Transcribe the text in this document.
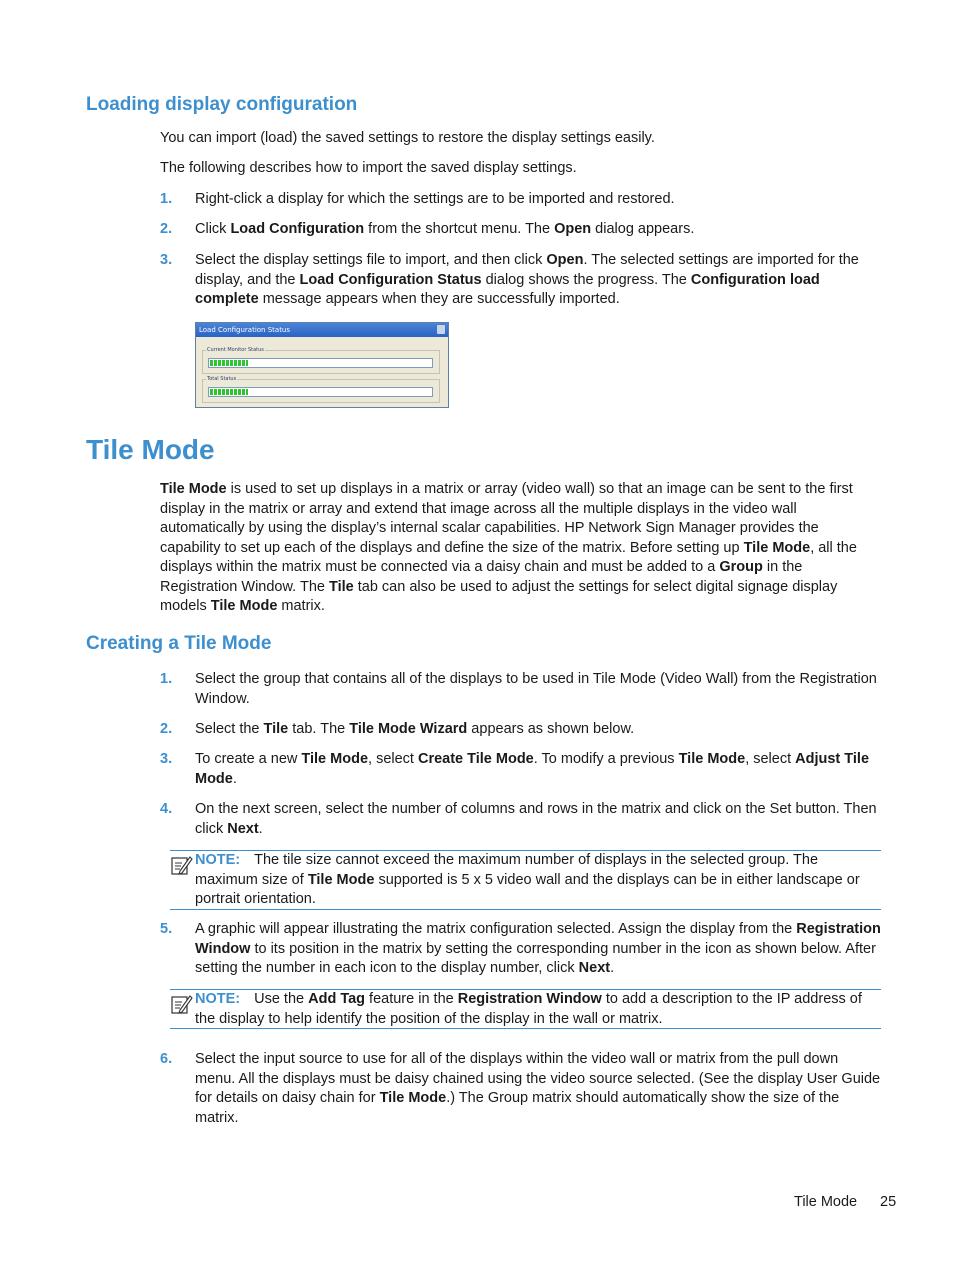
Loading display configuration
You can import (load) the saved settings to restore the display settings easily.
The following describes how to import the saved display settings.
1. Right-click a display for which the settings are to be imported and restored.
2. Click Load Configuration from the shortcut menu. The Open dialog appears.
3. Select the display settings file to import, and then click Open. The selected settings are imported for the display, and the Load Configuration Status dialog shows the progress. The Configuration load complete message appears when they are successfully imported.
Load Configuration Status
Current Monitor Status
Total Status
Tile Mode
Tile Mode is used to set up displays in a matrix or array (video wall) so that an image can be sent to the first display in the matrix or array and extend that image across all the multiple displays in the video wall automatically by using the display’s internal scalar capabilities. HP Network Sign Manager provides the capability to set up each of the displays and define the size of the matrix. Before setting up Tile Mode, all the displays within the matrix must be connected via a daisy chain and must be added to a Group in the Registration Window. The Tile tab can also be used to adjust the settings for select digital signage display models Tile Mode matrix.
Creating a Tile Mode
1. Select the group that contains all of the displays to be used in Tile Mode (Video Wall) from the Registration Window.
2. Select the Tile tab. The Tile Mode Wizard appears as shown below.
3. To create a new Tile Mode, select Create Tile Mode. To modify a previous Tile Mode, select Adjust Tile Mode.
4. On the next screen, select the number of columns and rows in the matrix and click on the Set button. Then click Next.
NOTE: The tile size cannot exceed the maximum number of displays in the selected group. The maximum size of Tile Mode supported is 5 x 5 video wall and the displays can be in either landscape or portrait orientation.
5. A graphic will appear illustrating the matrix configuration selected. Assign the display from the Registration Window to its position in the matrix by setting the corresponding number in the icon as shown below. After setting the number in each icon to the display number, click Next.
NOTE: Use the Add Tag feature in the Registration Window to add a description to the IP address of the display to help identify the position of the display in the wall or matrix.
6. Select the input source to use for all of the displays within the video wall or matrix from the pull down menu. All the displays must be daisy chained using the video source selected. (See the display User Guide for details on daisy chain for Tile Mode.) The Group matrix should automatically show the size of the matrix.
Tile Mode 25
